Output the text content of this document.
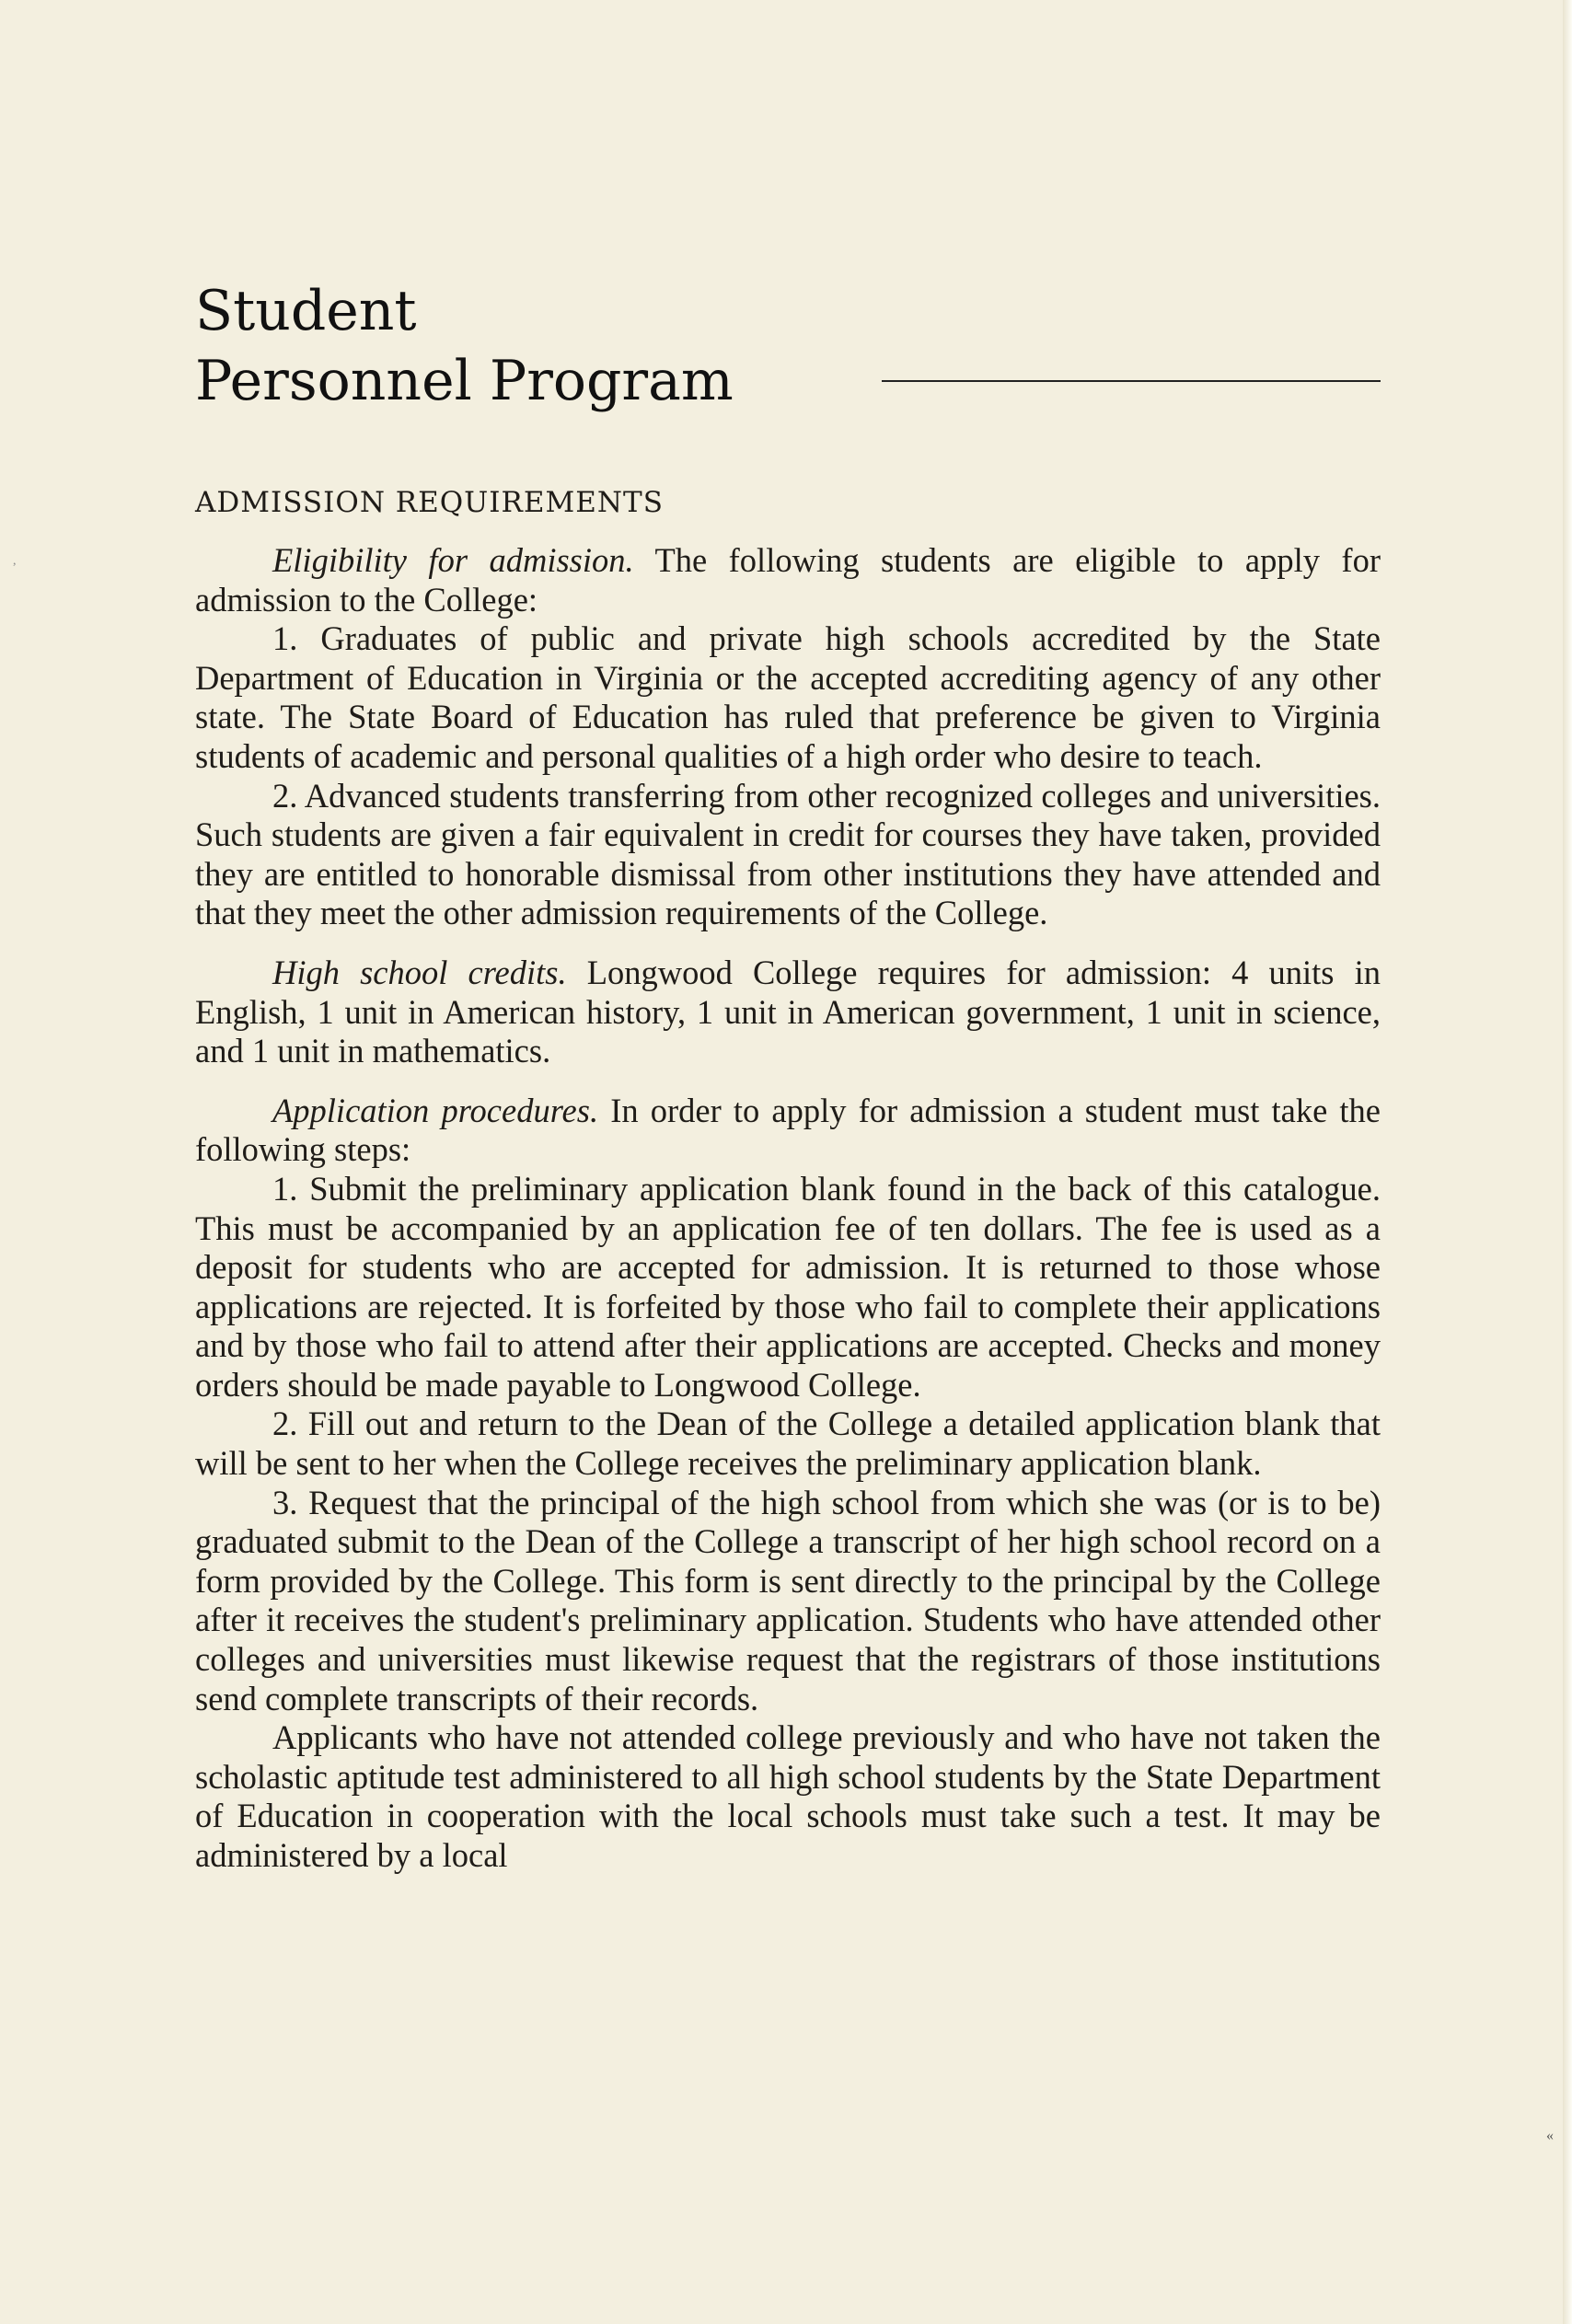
,
«
Student
Personnel Program
ADMISSION REQUIREMENTS

Eligibility for admission. The following students are eligible to apply for admission to the College:

1. Graduates of public and private high schools accredited by the State Department of Education in Virginia or the accepted accrediting agency of any other state. The State Board of Education has ruled that preference be given to Virginia students of academic and personal qualities of a high order who desire to teach.

2. Advanced students transferring from other recognized colleges and universities. Such students are given a fair equivalent in credit for courses they have taken, provided they are entitled to honorable dismissal from other institutions they have attended and that they meet the other admission requirements of the College.

High school credits. Longwood College requires for admission: 4 units in English, 1 unit in American history, 1 unit in American government, 1 unit in science, and 1 unit in mathematics.

Application procedures. In order to apply for admission a student must take the following steps:

1. Submit the preliminary application blank found in the back of this catalogue. This must be accompanied by an application fee of ten dollars. The fee is used as a deposit for students who are accepted for admission. It is returned to those whose applications are rejected. It is forfeited by those who fail to complete their applications and by those who fail to attend after their applications are accepted. Checks and money orders should be made payable to Longwood College.

2. Fill out and return to the Dean of the College a detailed application blank that will be sent to her when the College receives the preliminary application blank.

3. Request that the principal of the high school from which she was (or is to be) graduated submit to the Dean of the College a transcript of her high school record on a form provided by the College. This form is sent directly to the principal by the College after it receives the student's preliminary application. Students who have attended other colleges and universities must likewise request that the registrars of those institutions send complete transcripts of their records.

Applicants who have not attended college previously and who have not taken the scholastic aptitude test administered to all high school students by the State Department of Education in cooperation with the local schools must take such a test. It may be administered by a local
